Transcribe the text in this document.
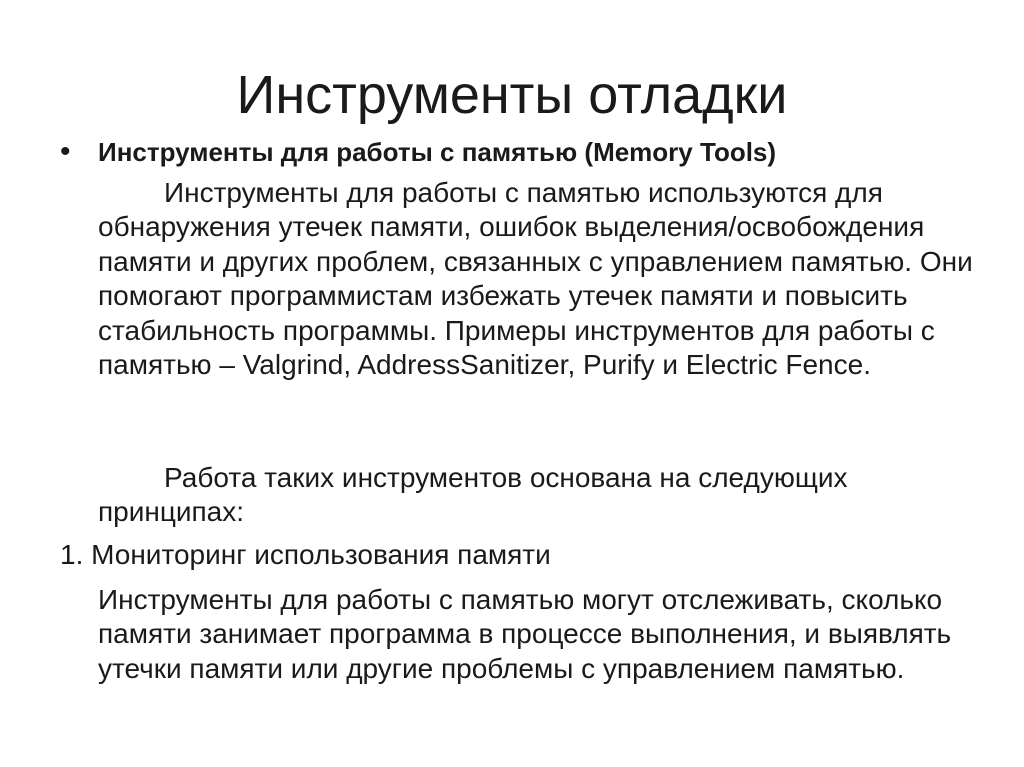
Инструменты отладки
• Инструменты для работы с памятью (Memory Tools)

Инструменты для работы с памятью используются для обнаружения утечек памяти, ошибок выделения/освобождения памяти и других проблем, связанных с управлением памятью. Они помогают программистам избежать утечек памяти и повысить стабильность программы. Примеры инструментов для работы с памятью – Valgrind, AddressSanitizer, Purify и Electric Fence.

Работа таких инструментов основана на следующих принципах:

1. Мониторинг использования памяти

Инструменты для работы с памятью могут отслеживать, сколько памяти занимает программа в процессе выполнения, и выявлять утечки памяти или другие проблемы с управлением памятью.
